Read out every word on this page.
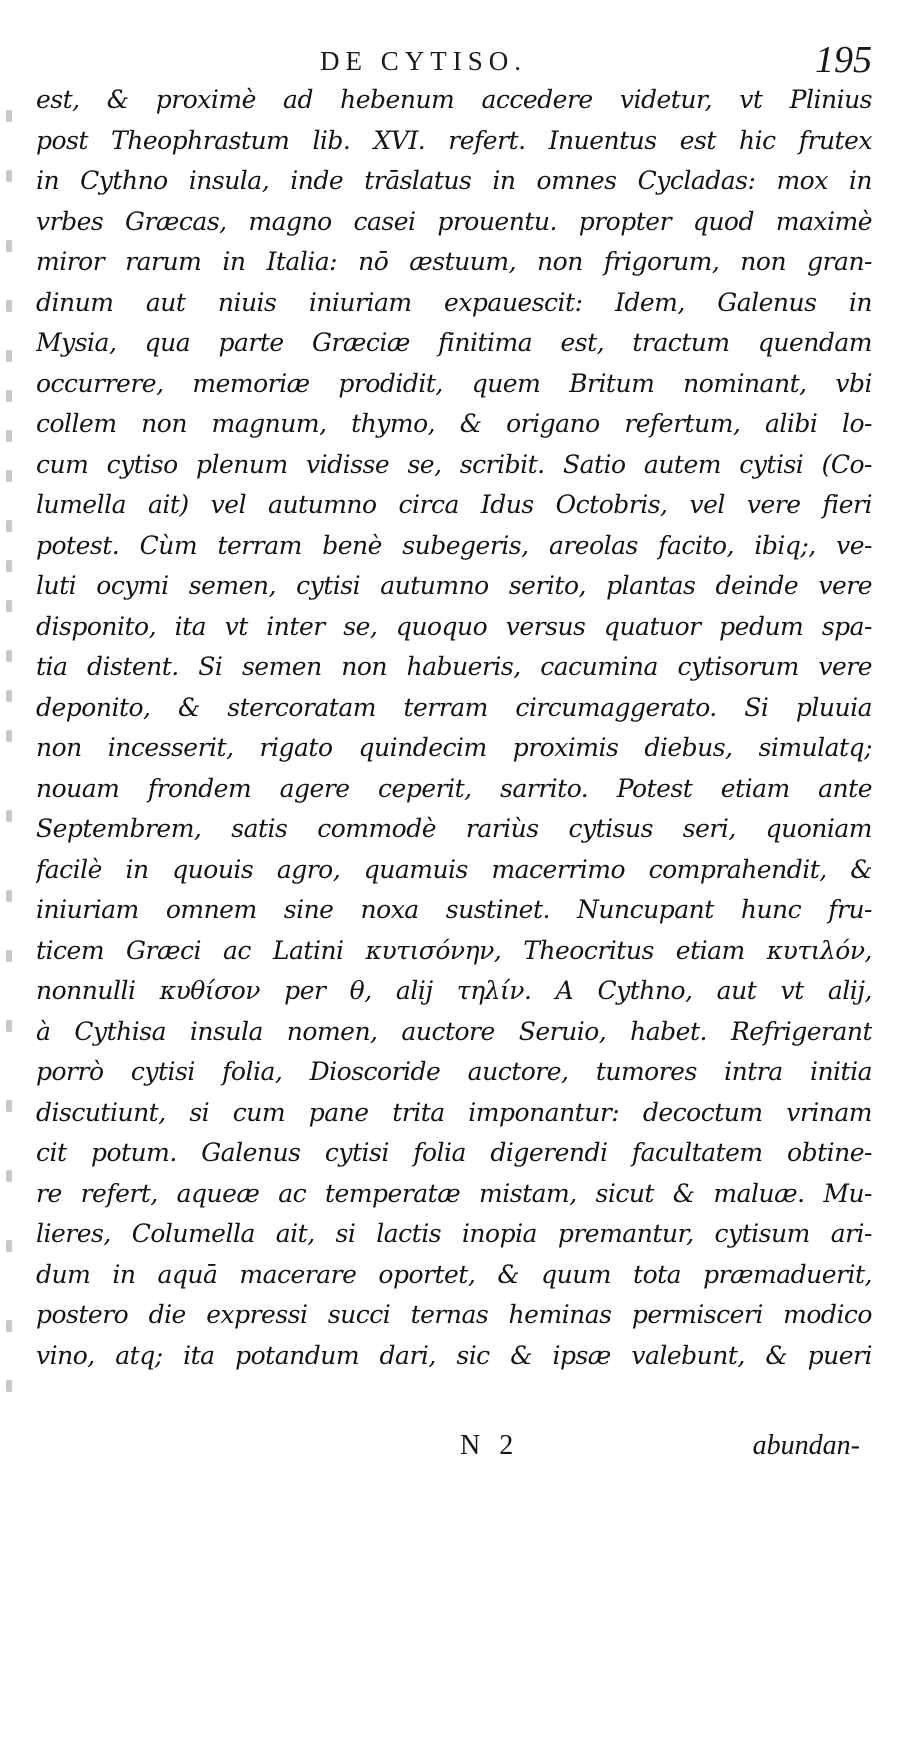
DE CYTISO.	195
est, & proximè ad hebenum accedere videtur, vt Plinius
post Theophrastum lib. XVI. refert. Inuentus est hic frutex
in Cythno insula, inde trāslatus in omnes Cycladas: mox in
vrbes Græcas, magno casei prouentu. propter quod maximè
miror rarum in Italia: nō æstuum, non frigorum, non gran-
dinum aut niuis iniuriam expauescit: Idem, Galenus in
Mysia, qua parte Græciæ finitima est, tractum quendam
occurrere, memoriæ prodidit, quem Britum nominant, vbi
collem non magnum, thymo, & origano refertum, alibi lo-
cum cytiso plenum vidisse se, scribit. Satio autem cytisi (Co-
lumella ait) vel autumno circa Idus Octobris, vel vere fieri
potest. Cùm terram benè subegeris, areolas facito, ibiq;, ve-
luti ocymi semen, cytisi autumno serito, plantas deinde vere
disponito, ita vt inter se, quoquo versus quatuor pedum spa-
tia distent. Si semen non habueris, cacumina cytisorum vere
deponito, & stercoratam terram circumaggerato. Si pluuia
non incesserit, rigato quindecim proximis diebus, simulatq;
nouam frondem agere ceperit, sarrito. Potest etiam ante
Septembrem, satis commodè rariùs cytisus seri, quoniam
facilè in quouis agro, quamuis macerrimo comprahendit, &
iniuriam omnem sine noxa sustinet. Nuncupant hunc fru-
ticem Græci ac Latini κυτισόνην, Theocritus etiam κυτιλόν,
nonnulli κυθίσον per θ, alij τηλίν. A Cythno, aut vt alij,
à Cythisa insula nomen, auctore Seruio, habet. Refrigerant
porrò cytisi folia, Dioscoride auctore, tumores intra initia
discutiunt, si cum pane trita imponantur: decoctum vrinam
cit potum. Galenus cytisi folia digerendi facultatem obtine-
re refert, aqueæ ac temperatæ mistam, sicut & maluæ. Mu-
lieres, Columella ait, si lactis inopia premantur, cytisum ari-
dum in aquā macerare oportet, & quum tota præmaduerit,
postero die expressi succi ternas heminas permisceri modico
vino, atq; ita potandum dari, sic & ipsæ valebunt, & pueri
N 2	abundan-
